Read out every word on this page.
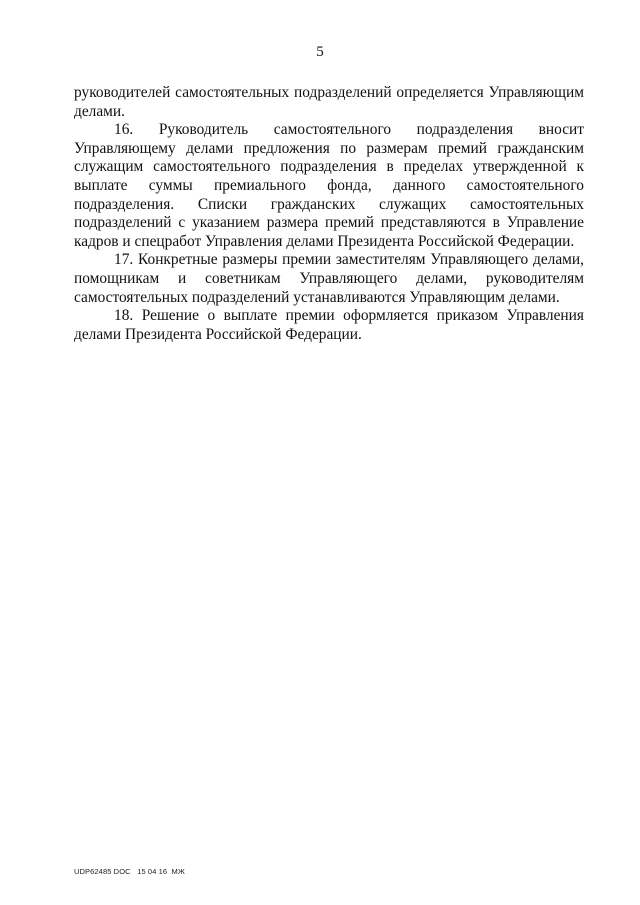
5

руководителей самостоятельных подразделений определяется Управляющим делами.

16. Руководитель самостоятельного подразделения вносит Управляющему делами предложения по размерам премий гражданским служащим самостоятельного подразделения в пределах утвержденной к выплате суммы премиального фонда, данного самостоятельного подразделения. Списки гражданских служащих самостоятельных подразделений с указанием размера премий представляются в Управление кадров и спецработ Управления делами Президента Российской Федерации.

17. Конкретные размеры премии заместителям Управляющего делами, помощникам и советникам Управляющего делами, руководителям самостоятельных подразделений устанавливаются Управляющим делами.

18. Решение о выплате премии оформляется приказом Управления делами Президента Российской Федерации.

UDP62485 DOC   15 04 16  МЖ
